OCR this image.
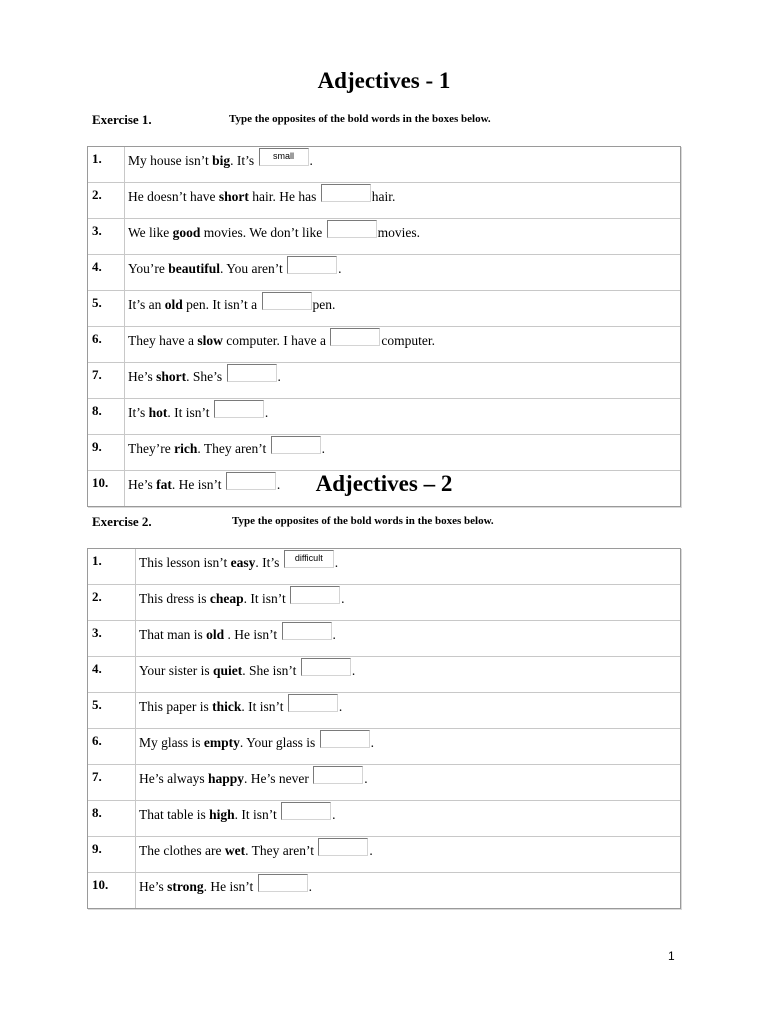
Adjectives - 1
Exercise 1.	Type the opposites of the bold words in the boxes below.
1.	My house isn’t big. It’s small .
2.	He doesn’t have short hair. He has hair.
3.	We like good movies. We don’t like movies.
4.	You’re beautiful. You aren’t .
5.	It’s an old pen. It isn’t a pen.
6.	They have a slow computer. I have a computer.
7.	He’s short. She’s .
8.	It’s hot. It isn’t .
9.	They’re rich. They aren’t .
10.	He’s fat. He isn’t .	Adjectives – 2
Exercise 2.	Type the opposites of the bold words in the boxes below.
1.	This lesson isn’t easy. It’s difficult .
2.	This dress is cheap. It isn’t .
3.	That man is old . He isn’t .
4.	Your sister is quiet. She isn’t .
5.	This paper is thick. It isn’t .
6.	My glass is empty. Your glass is .
7.	He’s always happy. He’s never .
8.	That table is high. It isn’t .
9.	The clothes are wet. They aren’t .
10.	He’s strong. He isn’t .
1
